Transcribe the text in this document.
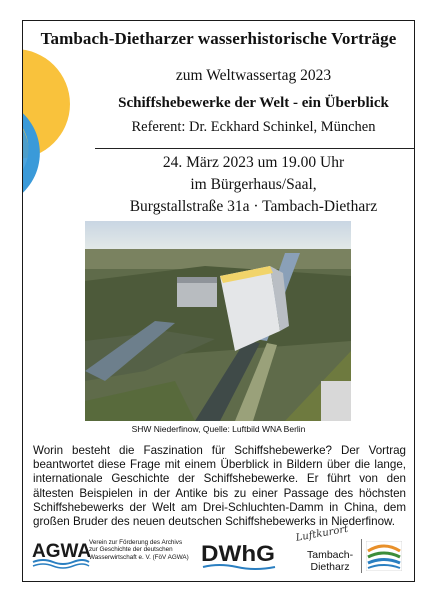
Tambach-Dietharzer wasserhistorische Vorträge
zum Weltwassertag 2023
Schiffshebewerke der Welt - ein Überblick
Referent: Dr. Eckhard Schinkel, München
24. März 2023 um 19.00 Uhr
im Bürgerhaus/Saal,
Burgstallstraße 31a · Tambach-Dietharz
SHW Niederfinow, Quelle: Luftbild WNA Berlin
Worin besteht die Faszination für Schiffshebewerke? Der Vortrag beantwortet diese Frage mit einem Überblick in Bildern über die lange, internationale Geschichte der Schiffshebewerke. Er führt von den ältesten Beispielen in der Antike bis zu einer Passage des höchsten Schiffshebewerks der Welt am Drei-Schluchten-Damm in China, dem großen Bruder des neuen deutschen Schiffshebewerks in Niederfinow.
AGWA
Verein zur Förderung des Archivs
zur Geschichte der deutschen
Wasserwirtschaft e. V. (FöV AGWA) DWhG
Luftkurort
Tambach-
Dietharz
